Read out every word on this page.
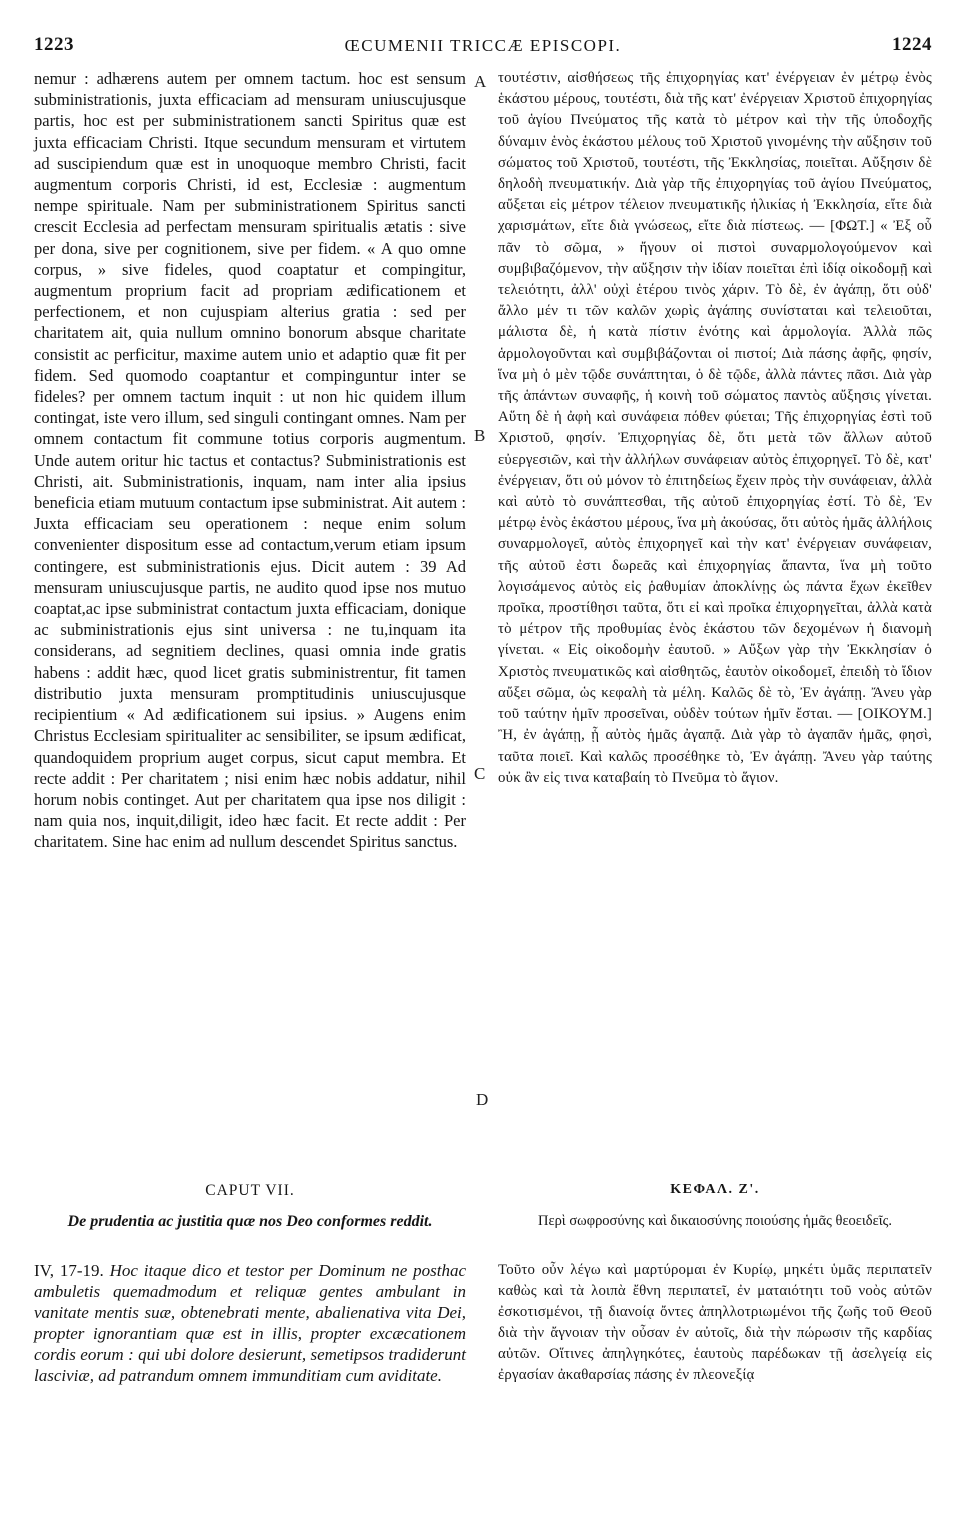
1223	ŒCUMENII TRICCÆ EPISCOPI.	1224
A
B
C
D

nemur : adhærens autem per omnem tactum. hoc est sensum subministrationis, juxta efficaciam ad mensuram uniuscujusque partis, hoc est per subministrationem sancti Spiritus quæ est juxta efficaciam Christi. Itque secundum mensuram et virtutem ad suscipiendum quæ est in unoquoque membro Christi, facit augmentum corporis Christi, id est, Ecclesiæ : augmentum nempe spirituale. Nam per subministrationem Spiritus sancti crescit Ecclesia ad perfectam mensuram spiritualis ætatis : sive per dona, sive per cognitionem, sive per fidem. « A quo omne corpus, » sive fideles, quod coaptatur et compingitur, augmentum proprium facit ad propriam ædificationem et perfectionem, et non cujuspiam alterius gratia : sed per charitatem ait, quia nullum omnino bonorum absque charitate consistit ac perficitur, maxime autem unio et adaptio quæ fit per fidem. Sed quomodo coaptantur et compinguntur inter se fideles? per omnem tactum inquit : ut non hic quidem illum contingat, iste vero illum, sed singuli contingant omnes. Nam per omnem contactum fit commune totius corporis augmentum. Unde autem oritur hic tactus et contactus? Subministrationis est Christi, ait. Subministrationis, inquam, nam inter alia ipsius beneficia etiam mutuum contactum ipse subministrat. Ait autem : Juxta efficaciam seu operationem : neque enim solum convenienter dispositum esse ad contactum,verum etiam ipsum contingere, est subministrationis ejus. Dicit autem : 39 Ad mensuram uniuscujusque partis, ne audito quod ipse nos mutuo coaptat,ac ipse subministrat contactum juxta efficaciam, donique ac subministrationis ejus sint universa : ne tu,inquam ita considerans, ad segnitiem declines, quasi omnia inde gratis habens : addit hæc, quod licet gratis subministrentur, fit tamen distributio juxta mensuram promptitudinis uniuscujusque recipientium « Ad ædificationem sui ipsius. » Augens enim Christus Ecclesiam spiritualiter ac sensibiliter, se ipsum ædificat, quandoquidem proprium auget corpus, sicut caput membra. Et recte addit : Per charitatem ; nisi enim hæc nobis addatur, nihil horum nobis continget. Aut per charitatem qua ipse nos diligit : nam quia nos, inquit,diligit, ideo hæc facit. Et recte addit : Per charitatem. Sine hac enim ad nullum descendet Spiritus sanctus.

CAPUT VII.

De prudentia ac justitia quæ nos Deo conformes reddit.

IV, 17-19. Hoc itaque dico et testor per Dominum ne posthac ambuletis quemadmodum et reliquæ gentes ambulant in vanitate mentis suæ, obtenebrati mente, abalienativa vita Dei, propter ignorantiam quæ est in illis, propter excæcationem cordis eorum : qui ubi dolore desierunt, semetipsos tradiderunt lasciviæ, ad patrandum omnem immunditiam cum aviditate.

τουτέστιν, αἰσθήσεως τῆς ἐπιχορηγίας κατ' ἐνέργειαν ἐν μέτρῳ ἑνὸς ἑκάστου μέρους, τουτέστι, διὰ τῆς κατ' ἐνέργειαν Χριστοῦ ἐπιχορηγίας τοῦ ἁγίου Πνεύματος τῆς κατὰ τὸ μέτρον καὶ τὴν τῆς ὑποδοχῆς δύναμιν ἑνὸς ἑκάστου μέλους τοῦ Χριστοῦ γινομένης τὴν αὔξησιν τοῦ σώματος τοῦ Χριστοῦ, τουτέστι, τῆς Ἐκκλησίας, ποιεῖται. Αὔξησιν δὲ δηλοδὴ πνευματικήν. Διὰ γὰρ τῆς ἐπιχορηγίας τοῦ ἁγίου Πνεύματος, αὔξεται εἰς μέτρον τέλειον πνευματικῆς ἡλικίας ἡ Ἐκκλησία, εἴτε διὰ χαρισμάτων, εἴτε διὰ γνώσεως, εἴτε διὰ πίστεως. — [ΦΩΤ.] « Ἐξ οὗ πᾶν τὸ σῶμα, » ἤγουν οἱ πιστοὶ συναρμολογούμενον καὶ συμβιβαζόμενον, τὴν αὔξησιν τὴν ἰδίαν ποιεῖται ἐπὶ ἰδίᾳ οἰκοδομῇ καὶ τελειότητι, ἀλλ' οὐχὶ ἑτέρου τινὸς χάριν. Τὸ δὲ, ἐν ἀγάπῃ, ὅτι οὐδ' ἄλλο μέν τι τῶν καλῶν χωρὶς ἀγάπης συνίσταται καὶ τελειοῦται, μάλιστα δὲ, ἡ κατὰ πίστιν ἑνότης καὶ ἁρμολογία. Ἀλλὰ πῶς ἁρμολογοῦνται καὶ συμβιβάζονται οἱ πιστοί; Διὰ πάσης ἀφῆς, φησίν, ἵνα μὴ ὁ μὲν τῷδε συνάπτηται, ὁ δὲ τῷδε, ἀλλὰ πάντες πᾶσι. Διὰ γὰρ τῆς ἁπάντων συναφῆς, ἡ κοινὴ τοῦ σώματος παντὸς αὔξησις γίνεται. Αὕτη δὲ ἡ ἀφὴ καὶ συνάφεια πόθεν φύεται; Τῆς ἐπιχορηγίας ἐστὶ τοῦ Χριστοῦ, φησίν. Ἐπιχορηγίας δὲ, ὅτι μετὰ τῶν ἄλλων αὐτοῦ εὐεργεσιῶν, καὶ τὴν ἀλλήλων συνάφειαν αὐτὸς ἐπιχορηγεῖ. Τὸ δὲ, κατ' ἐνέργειαν, ὅτι οὐ μόνον τὸ ἐπιτηδείως ἔχειν πρὸς τὴν συνάφειαν, ἀλλὰ καὶ αὐτὸ τὸ συνάπτεσθαι, τῆς αὐτοῦ ἐπιχορηγίας ἐστί. Τὸ δὲ, Ἐν μέτρῳ ἑνὸς ἑκάστου μέρους, ἵνα μὴ ἀκούσας, ὅτι αὐτὸς ἡμᾶς ἀλλήλοις συναρμολογεῖ, αὐτὸς ἐπιχορηγεῖ καὶ τὴν κατ' ἐνέργειαν συνάφειαν, τῆς αὐτοῦ ἐστι δωρεᾶς καὶ ἐπιχορηγίας ἅπαντα, ἵνα μὴ τοῦτο λογισάμενος αὐτὸς εἰς ῥαθυμίαν ἀποκλίνῃς ὡς πάντα ἔχων ἐκεῖθεν προῖκα, προστίθησι ταῦτα, ὅτι εἰ καὶ προῖκα ἐπιχορηγεῖται, ἀλλὰ κατὰ τὸ μέτρον τῆς προθυμίας ἑνὸς ἑκάστου τῶν δεχομένων ἡ διανομὴ γίνεται. « Εἰς οἰκοδομὴν ἑαυτοῦ. » Αὔξων γὰρ τὴν Ἐκκλησίαν ὁ Χριστὸς πνευματικῶς καὶ αἰσθητῶς, ἑαυτὸν οἰκοδομεῖ, ἐπειδὴ τὸ ἴδιον αὔξει σῶμα, ὡς κεφαλὴ τὰ μέλη. Καλῶς δὲ τὸ, Ἐν ἀγάπῃ. Ἄνευ γὰρ τοῦ ταύτην ἡμῖν προσεῖναι, οὐδὲν τούτων ἡμῖν ἔσται. — [ΟΙΚΟΥΜ.] Ἢ, ἐν ἀγάπῃ, ᾗ αὐτὸς ἡμᾶς ἀγαπᾷ. Διὰ γὰρ τὸ ἀγαπᾶν ἡμᾶς, φησὶ, ταῦτα ποιεῖ. Καὶ καλῶς προσέθηκε τὸ, Ἐν ἀγάπῃ. Ἄνευ γὰρ ταύτης οὐκ ἂν εἰς τινα καταβαίη τὸ Πνεῦμα τὸ ἅγιον.

ΚΕΦΑΛ. Ζ'.

Περὶ σωφροσύνης καὶ δικαιοσύνης ποιούσης ἡμᾶς θεοειδεῖς.

Τοῦτο οὖν λέγω καὶ μαρτύρομαι ἐν Κυρίῳ, μηκέτι ὑμᾶς περιπατεῖν καθὼς καὶ τὰ λοιπὰ ἔθνη περιπατεῖ, ἐν ματαιότητι τοῦ νοὸς αὐτῶν ἐσκοτισμένοι, τῇ διανοίᾳ ὄντες ἀπηλλοτριωμένοι τῆς ζωῆς τοῦ Θεοῦ διὰ τὴν ἄγνοιαν τὴν οὖσαν ἐν αὐτοῖς, διὰ τὴν πώρωσιν τῆς καρδίας αὐτῶν. Οἵτινες ἀπηλγηκότες, ἑαυτοὺς παρέδωκαν τῇ ἀσελγείᾳ εἰς ἐργασίαν ἀκαθαρσίας πάσης ἐν πλεονεξίᾳ
